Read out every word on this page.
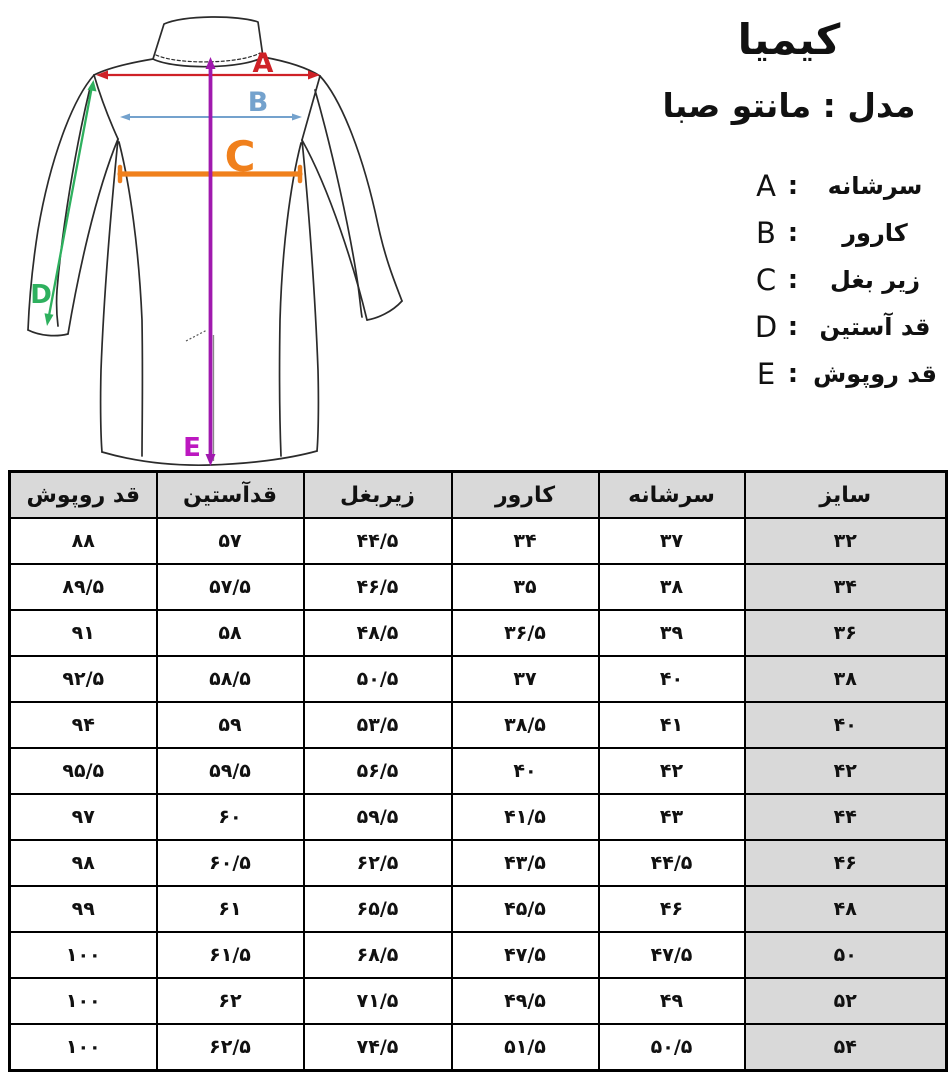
A
B
C
D
E
کیمیا
مدل : مانتو صبا
A :	سرشانه
B :	کارور
C :	زیر بغل
D : قد آستین
E : قد روپوش
سایز	سرشانه	کارور	زیربغل	قدآستین	قد روپوش
۳۲	۳۷	۳۴	۴۴/۵	۵۷	۸۸
۳۴	۳۸	۳۵	۴۶/۵	۵۷/۵	۸۹/۵
۳۶	۳۹	۳۶/۵	۴۸/۵	۵۸	۹۱
۳۸	۴۰	۳۷	۵۰/۵	۵۸/۵	۹۲/۵
۴۰	۴۱	۳۸/۵	۵۳/۵	۵۹	۹۴
۴۲	۴۲	۴۰	۵۶/۵	۵۹/۵	۹۵/۵
۴۴	۴۳	۴۱/۵	۵۹/۵	۶۰	۹۷
۴۶	۴۴/۵	۴۳/۵	۶۲/۵	۶۰/۵	۹۸
۴۸	۴۶	۴۵/۵	۶۵/۵	۶۱	۹۹
۵۰	۴۷/۵	۴۷/۵	۶۸/۵	۶۱/۵	۱۰۰
۵۲	۴۹	۴۹/۵	۷۱/۵	۶۲	۱۰۰
۵۴	۵۰/۵	۵۱/۵	۷۴/۵	۶۲/۵	۱۰۰
